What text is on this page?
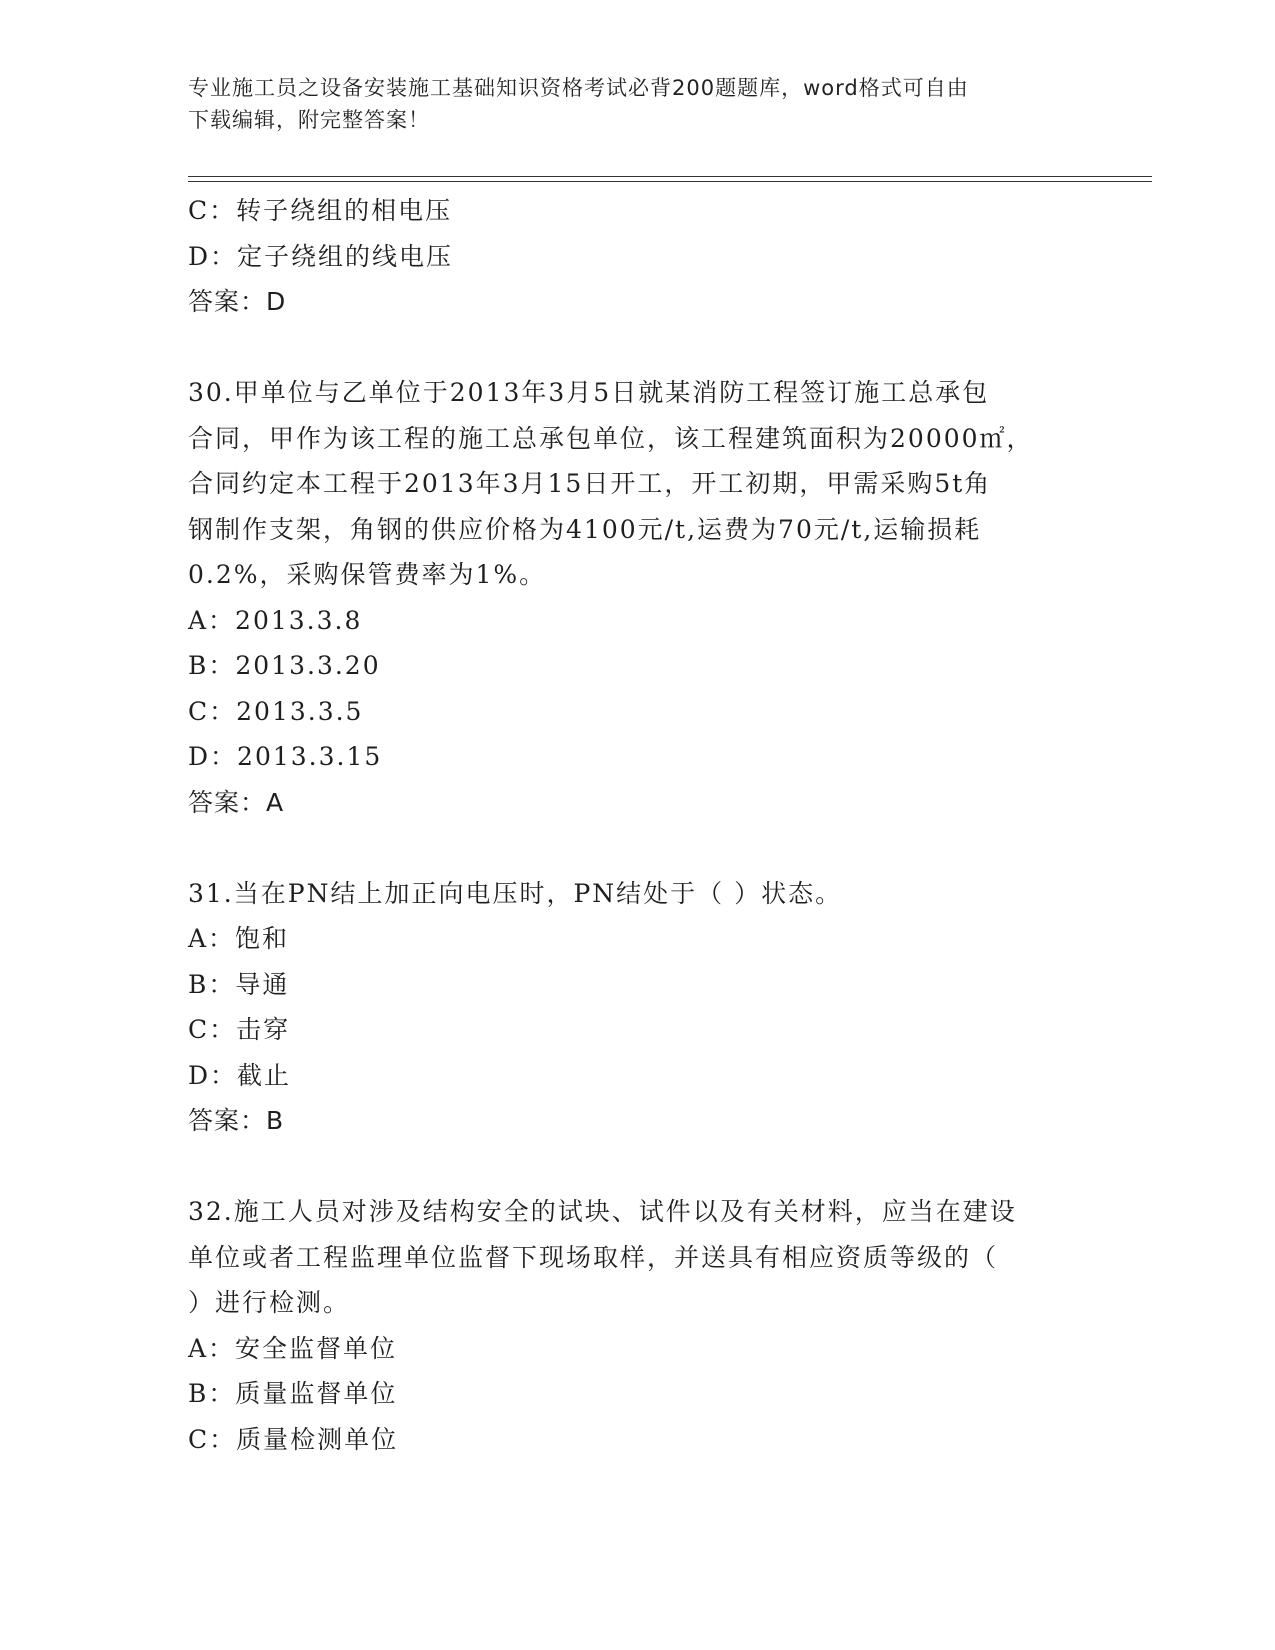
专业施工员之设备安装施工基础知识资格考试必背200题题库，word格式可自由
下载编辑，附完整答案！
C：转子绕组的相电压
D：定子绕组的线电压
答案：D
30.甲单位与乙单位于2013年3月5日就某消防工程签订施工总承包
合同，甲作为该工程的施工总承包单位，该工程建筑面积为20000㎡，
合同约定本工程于2013年3月15日开工，开工初期，甲需采购5t角
钢制作支架，角钢的供应价格为4100元/t,运费为70元/t,运输损耗
0.2%，采购保管费率为1%。
A：2013.3.8
B：2013.3.20
C：2013.3.5
D：2013.3.15
答案：A
31.当在PN结上加正向电压时，PN结处于（ ）状态。
A：饱和
B：导通
C：击穿
D：截止
答案：B
32.施工人员对涉及结构安全的试块、试件以及有关材料，应当在建设
单位或者工程监理单位监督下现场取样，并送具有相应资质等级的（
）进行检测。
A：安全监督单位
B：质量监督单位
C：质量检测单位
